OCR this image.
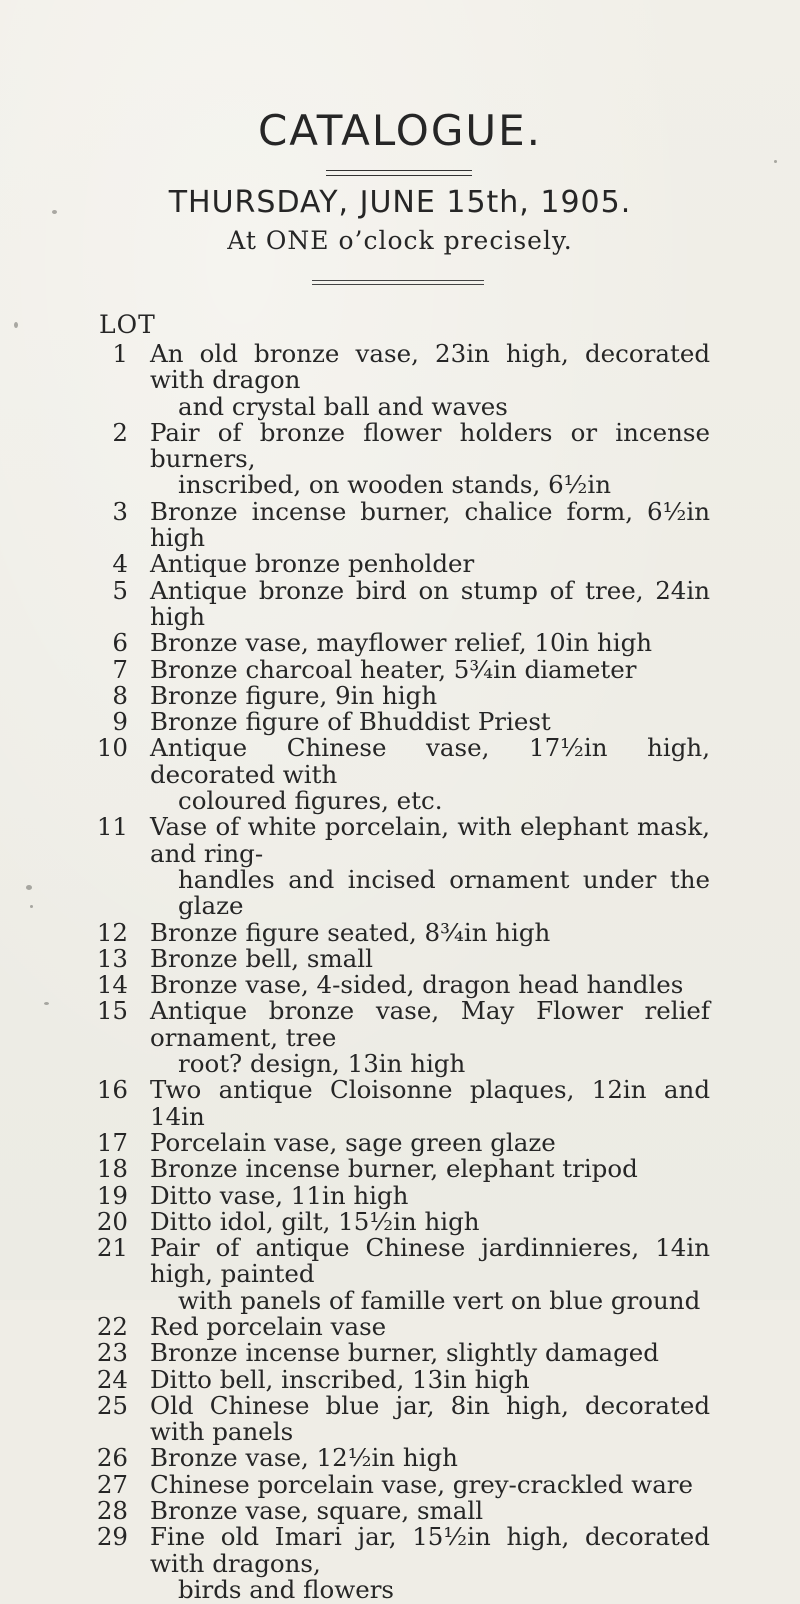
CATALOGUE.
THURSDAY, JUNE 15th, 1905.
At ONE o’clock precisely.
LOT
1 An old bronze vase, 23in high, decorated with dragon
and crystal ball and waves
2 Pair of bronze flower holders or incense burners,
inscribed, on wooden stands, 6½in
3 Bronze incense burner, chalice form, 6½in high
4 Antique bronze penholder
5 Antique bronze bird on stump of tree, 24in high
6 Bronze vase, mayflower relief, 10in high
7 Bronze charcoal heater, 5¾in diameter
8 Bronze figure, 9in high
9 Bronze figure of Bhuddist Priest
10 Antique Chinese vase, 17½in high, decorated with
coloured figures, etc.
11 Vase of white porcelain, with elephant mask, and ring-
handles and incised ornament under the glaze
12 Bronze figure seated, 8¾in high
13 Bronze bell, small
14 Bronze vase, 4-sided, dragon head handles
15 Antique bronze vase, May Flower relief ornament, tree
root? design, 13in high
16 Two antique Cloisonne plaques, 12in and 14in
17 Porcelain vase, sage green glaze
18 Bronze incense burner, elephant tripod
19 Ditto vase, 11in high
20 Ditto idol, gilt, 15½in high
21 Pair of antique Chinese jardinnieres, 14in high, painted
with panels of famille vert on blue ground
22 Red porcelain vase
23 Bronze incense burner, slightly damaged
24 Ditto bell, inscribed, 13in high
25 Old Chinese blue jar, 8in high, decorated with panels
26 Bronze vase, 12½in high
27 Chinese porcelain vase, grey-crackled ware
28 Bronze vase, square, small
29 Fine old Imari jar, 15½in high, decorated with dragons,
birds and flowers
